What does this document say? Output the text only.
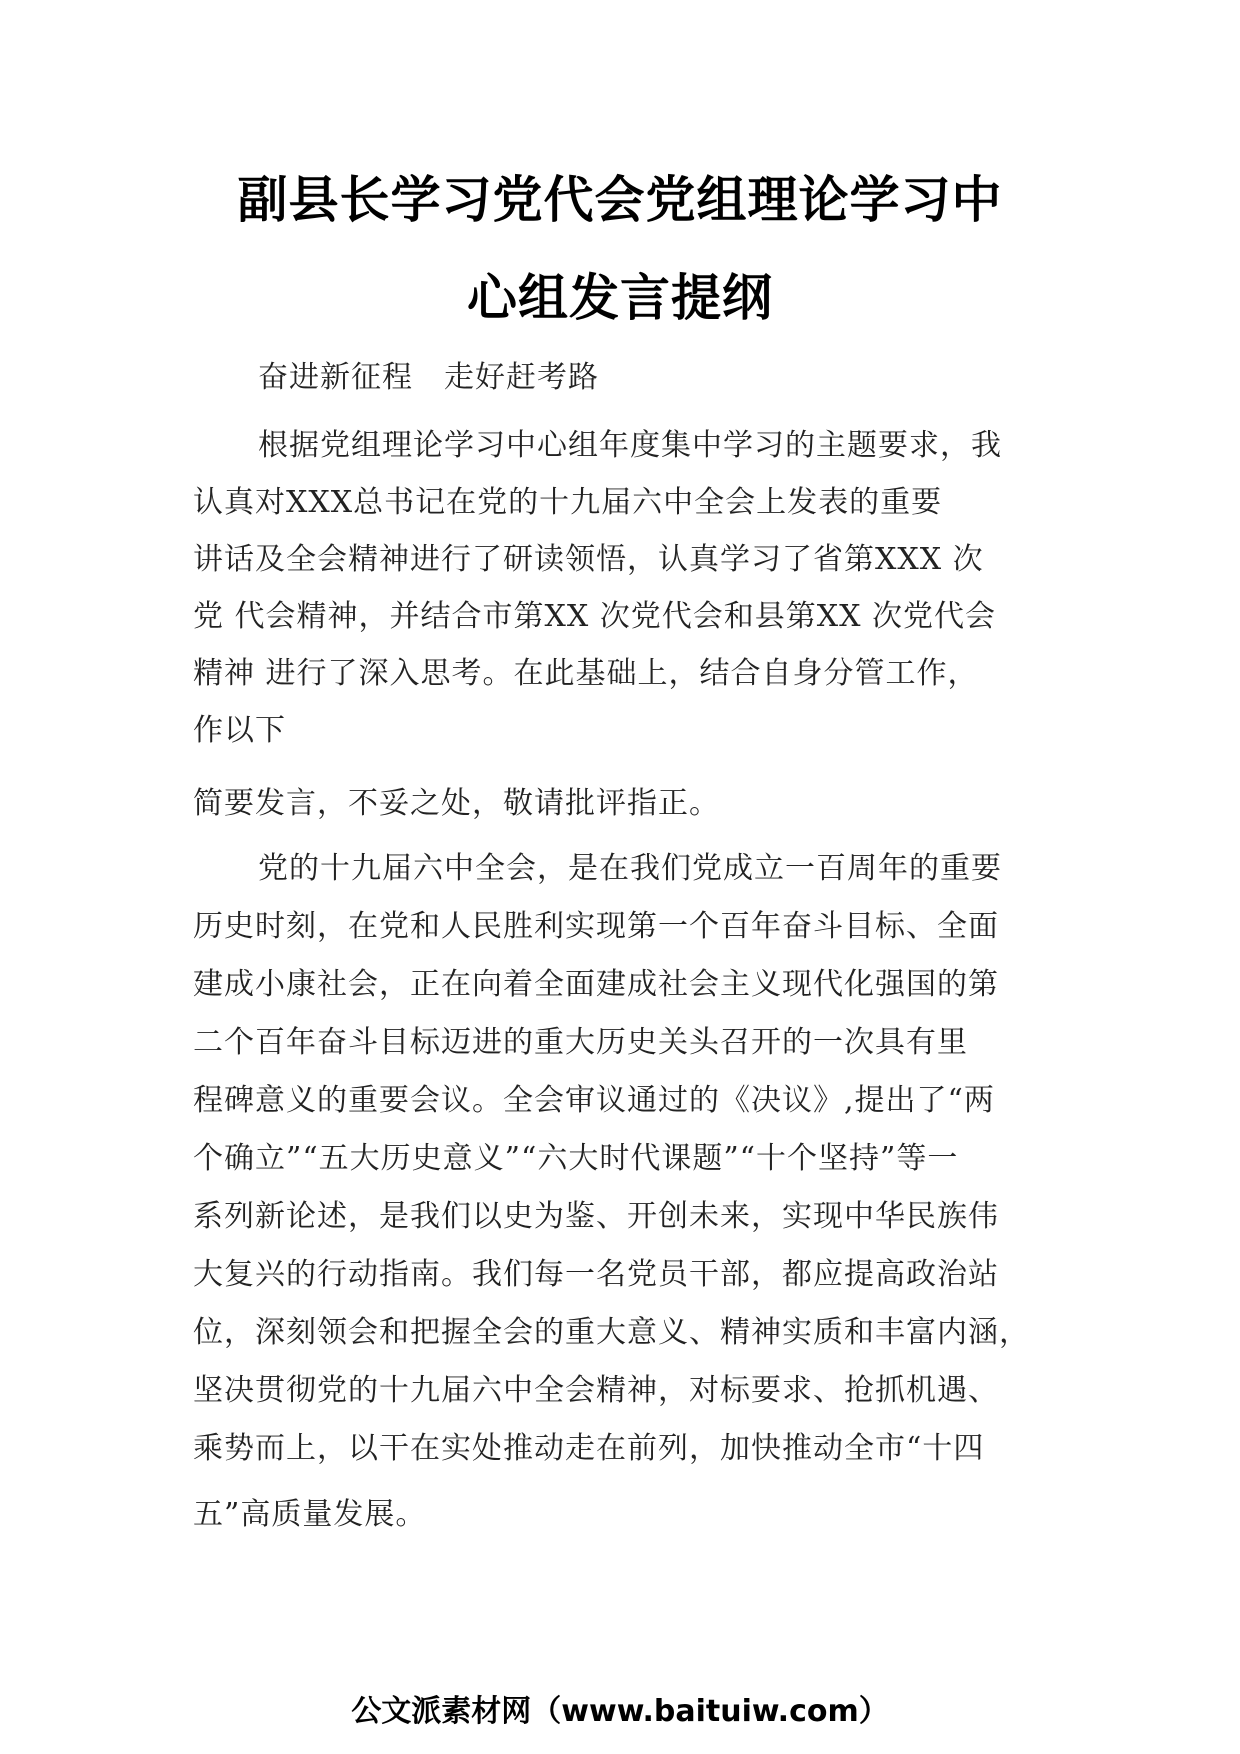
副县长学习党代会党组理论学习中
心组发言提纲
奋进新征程　走好赶考路
根据党组理论学习中心组年度集中学习的主题要求，我
认真对XXX总书记在党的十九届六中全会上发表的重要
讲话及全会精神进行了研读领悟，认真学习了省第XXX 次
党 代会精神，并结合市第XX 次党代会和县第XX 次党代会
精神 进行了深入思考。在此基础上，结合自身分管工作，
作以下
简要发言，不妥之处，敬请批评指正。
党的十九届六中全会，是在我们党成立一百周年的重要
历史时刻，在党和人民胜利实现第一个百年奋斗目标、全面
建成小康社会，正在向着全面建成社会主义现代化强国的第
二个百年奋斗目标迈进的重大历史关头召开的一次具有里
程碑意义的重要会议。全会审议通过的《决议》,提出了“两
个确立”“五大历史意义”“六大时代课题”“十个坚持”等一
系列新论述，是我们以史为鉴、开创未来，实现中华民族伟
大复兴的行动指南。我们每一名党员干部，都应提高政治站
位，深刻领会和把握全会的重大意义、精神实质和丰富内涵，
坚决贯彻党的十九届六中全会精神，对标要求、抢抓机遇、
乘势而上，以干在实处推动走在前列，加快推动全市“十四
五”高质量发展。
公文派素材网（www.baituiw.com）
